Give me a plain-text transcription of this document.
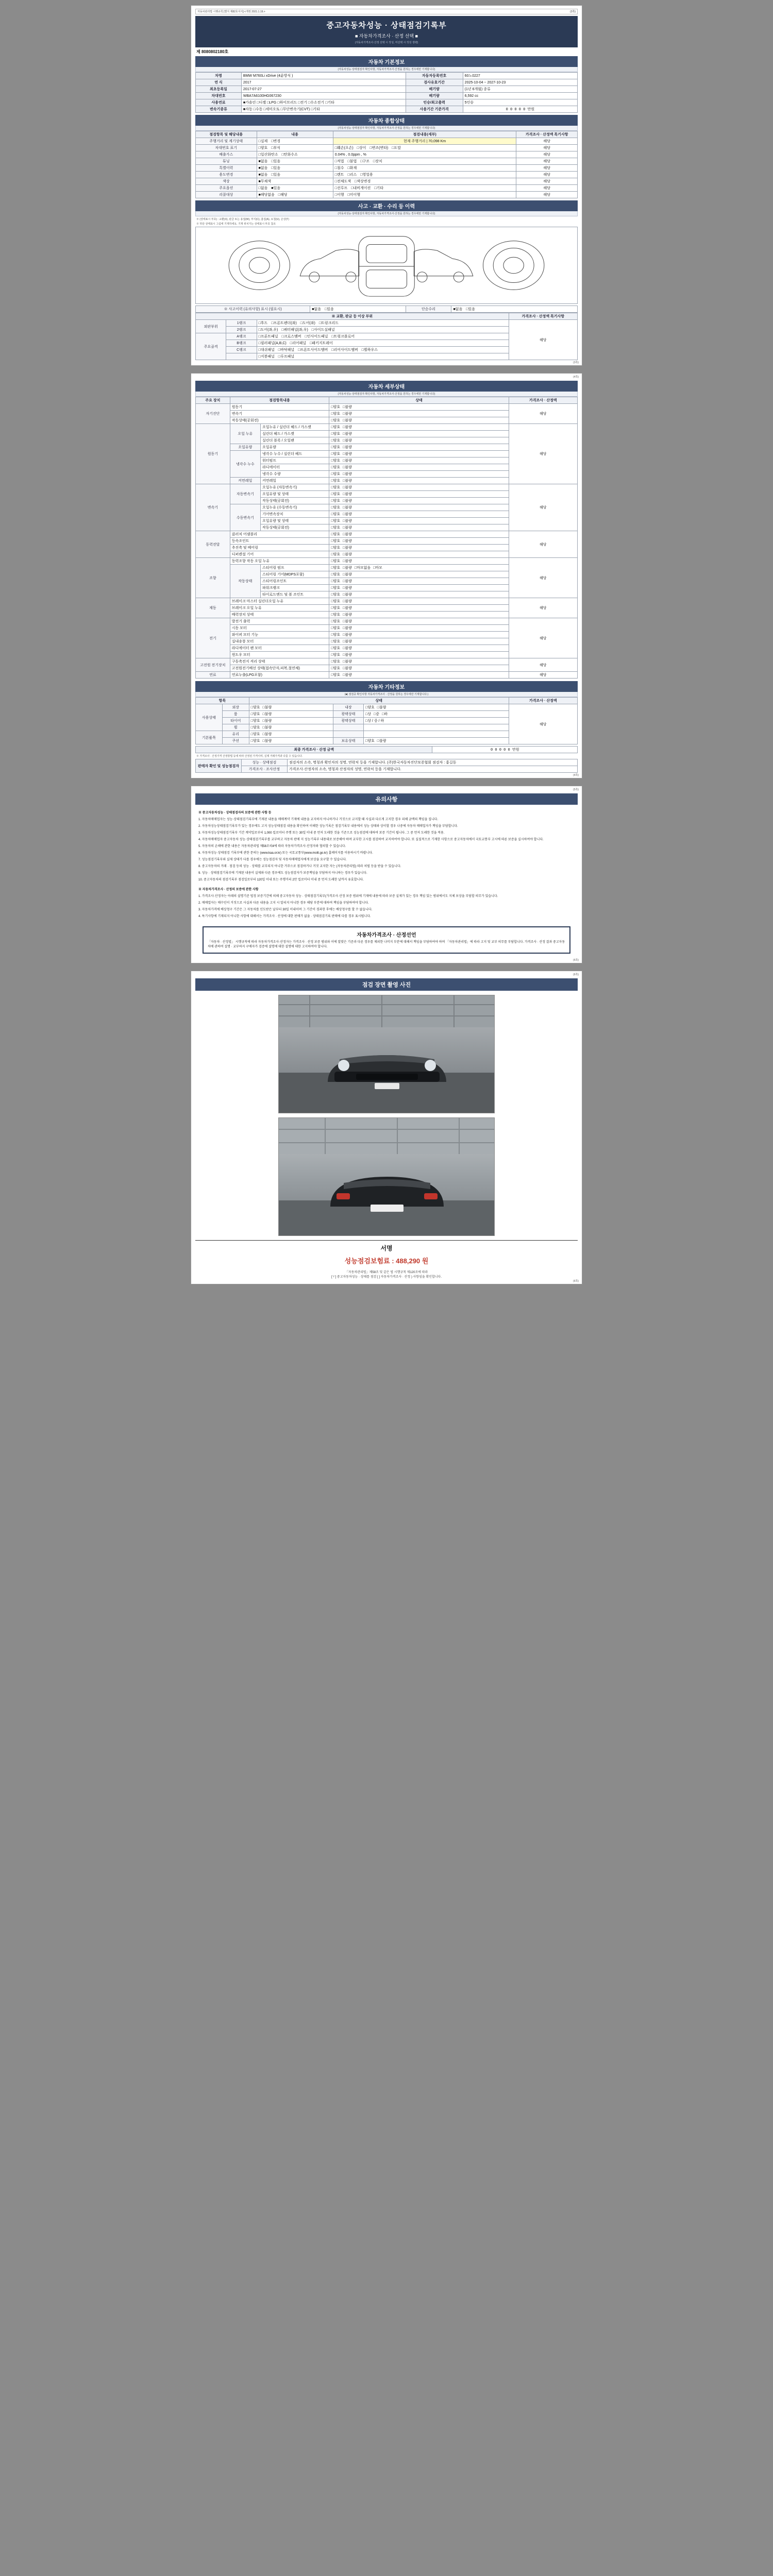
자동차관리법 시행규칙 [별지 제82호서식] <개정 2021.1.19.>	(3쪽)
중고자동차성능 · 상태점검기록부
■ 자동차가격조사 · 산정 선택 ■
(자동차가격조사·산정 선택 시 작성, 미선택 시 작성 생략)
제 8080802180호
자동차 기본정보
(자동차성능·상태점검자 확인사항, 자동차가격조사·산정을 원하는 경우에만 기재합니다)
차명	BMW M760Li xDrive (4륜방식 )	자동차등록번호	60노0227
연 식	2017	검사유효기간	2025-10-04 ~ 2027-10-23
최초등록일	2017-07-27	배기량	(1년 6개월) 종류
차대번호	WBA7A6100HG067230	배기량	6,592 cc
사용연료	■가솔린 □디젤 □LPG □하이브리드 □전기 □수소전기 □기타	인승/최고출력	5인승
변속기종류	■자동 □수동 □세미오토 □무단변속기(CVT) □기타	사용기간 기준가격	0 0 0 0 0 만원
자동차 종합상태
(자동차성능·상태점검자 확인사항, 자동차가격조사·산정을 원하는 경우에만 기재합니다)
점검항목 및 해당내용	내용	점검내용(세부)	가격조사 · 산정액 특기사항
주행거리 및 계기상태	□실제 □변경	현재 주행거리 | 70,098 Km	해당
차대번호 표기	□양호 □부식	□훼손(오손) □상이 □변조(변타) □도말	해당
배출가스	□일산화탄소 □탄화수소	0.04% , 0.0ppm , %	해당
튜닝	■없음 □있음	□적법 □불법 □구조 □장치	해당
특별이력	■없음 □있음	□침수 □화재	해당
용도변경	■없음 □있음	□렌트 □리스 □영업용	해당
색상	■무채색	□전체도색 □색상변경	해당
주요옵션	□없음 ■있음	□선루프 □내비게이션 □기타	해당
리콜대상	■해당없음 □해당	□이행 □미이행	해당
사고 · 교환 · 수리 등 이력
(자동차성능·상태점검자 확인사항, 자동차가격조사·산정을 원하는 경우에만 기재합니다)
※ (상태표시 부호) : 교환(X), 판금 또는 용접(W), 부식(C), 흠집(A), 요철(U), 손상(T)
※ 하단 상태표시 그림에 기재하세요. 기재 위치가는 상태표시 부호 참조
※ 사고이력 (유의사항) 표시 (필요시)	■없음 □있음	단순수리	■없음 □있음
※ 교환, 판금 등 이상 부위			가격조사 · 산정액 특기사항
외판부위	1랭크	□후드 □프론트펜더(좌) □도어(좌) □트렁크리드	해당
	2랭크	□도어(좌,우) □쿼터패널(좌,우) □사이드실패널	
주요골격	A랭크	□프론트패널 □크로스멤버 □인사이드패널 □트렁크플로어	
	B랭크	□필러패널(A,B,C) □리어패널 □패키지트레이	
	C랭크	□대쉬패널 □바닥패널 □프론트사이드멤버 □리어사이드멤버 □휠하우스	
		□지붕패널 □루프패널	
(3쪽)
(4쪽)
자동차 세부상태
(자동차성능·상태점검자 확인사항, 자동차가격조사·산정을 원하는 경우에만 기재합니다)
주요 장치	점검항목내용		상태	가격조사 · 산정액
자기진단	원동기		□양호 □불량	해당
	변속기		□양호 □불량	
	작동상태(공회전)		□양호 □불량	
원동기	오일 누유	오일누유 / 실린더 헤드 / 가스켓	□양호 □불량	해당
		실린더 헤드 / 가스켓	□양호 □불량	
		실린더 블록 / 오일팬	□양호 □불량	
	오일유량	오일유량	□양호 □불량	
	냉각수 누수	냉각수 누수 / 실린더 헤드	□양호 □불량	
		워터펌프	□양호 □불량	
		라디에이터	□양호 □불량	
		냉각수 수량	□양호 □불량	
	커먼레일	커먼레일	□양호 □불량	
변속기	자동변속기	오일누유 (자동변속기)	□양호 □불량	해당
		오일유량 및 상태	□양호 □불량	
		작동상태(공회전)	□양호 □불량	
	수동변속기	오일누유 (수동변속기)	□양호 □불량	
		기어변속장치	□양호 □불량	
		오일유량 및 상태	□양호 □불량	
		작동상태(공회전)	□양호 □불량	
동력전달	클러치 어셈블리		□양호 □불량	해당
	등속조인트		□양호 □불량	
	추진축 및 베어링		□양호 □불량	
	디퍼렌셜 기어		□양호 □불량	
조향	동력조향 작동 오일 누유		□양호 □불량	해당
	작동상태	스티어링 펌프	□양호 □불량 □마모없음 □마모	
		스티어링 기어(MDPS포함)	□양호 □불량	
		스티어링조인트	□양호 □불량	
		파워크랭크	□양호 □불량	
		타이로드엔드 및 볼 조인트	□양호 □불량	
제동	브레이크 마스터 실린더오일 누유		□양호 □불량	해당
	브레이크 오일 누유		□양호 □불량	
	배력장치 상태		□양호 □불량	
전기	발전기 출력		□양호 □불량	해당
	시동 모터		□양호 □불량	
	와이퍼 모터 기능		□양호 □불량	
	실내송풍 모터		□양호 □불량	
	라디에이터 팬 모터		□양호 □불량	
	윈도우 모터		□양호 □불량	
고전원 전기장치	구동축전지 격리 상태		□양호 □불량	해당
	고전원전기배선 상태(접속단자,피복,절연체)		□양호 □불량	
연료	연료누출(LPG포함)		□양호 □불량	해당
자동차 기타정보
(■) 점검중 확인사항 자동차가격조사 · 산정을 원하는 경우에만 기재합니다.)
항목		상태			가격조사 · 산정액
사용상태	외장	□양호 □불량	내장	□양호 □불량	해당
	룸	□양호 □불량	광택상태	□상 □중 □하	
	타이어	□양호 □불량	광택상태	□상 / 중 / 하	
	휠	□양호 □불량			
기본품목	유리	□양호 □불량			
	쿠션	□양호 □불량	보유상태	□양호 □불량	
최종 가격조사 · 산정 금액	0 0 0 0 0 만원
※ 가격조사 · 산정가격 산정방법 등에 따라 산정된 가격이며, 실제 거래가격과 다를 수 있습니다.
판매자 확인 및 성능점검자	성능 · 상태점검	점검자의 소속, 명칭과 확인자의 성명, 연락처 등을 기재합니다. (주)한국자동차진단보증협회 점검자 : 홍길동
	가격조사 · 조사산정	가격조사·산정자의 소속, 명칭과 산정자의 성명, 연락처 등을 기재합니다.
(4쪽)
(5쪽)
유의사항

※ 중고자동차성능 · 상태점검자의 보증에 관한 사항 등

1. 자동차매매업자는 성능·상태점검기록부에 기재된 내용을 매매계약 기재에 내용을 교지하지 아니하거나 거짓으로 교지할 때 사실과 다르게 고지한 경우 피해 금액의 책임을 집니다.

2. 자동차성능상태점검기록부가 있는 경우에도 고지 성능상태점검 내용을 확인하여 이해한 성능기록은 점검기록부 내용에서 성능 상태와 상이할 경우 나중에 자동차 매매업자가 책임을 부담합니다.

3. 자동차성능상태점검기록부 기간 계약일로부터 1,000 킬로미터 주행 또는 30일 이내 중 먼저 도래한 것을 기준으로 성능점검에 대하여 보증 기간이 됩니다. 그 중 먼저 도래한 것을 적용.

4. 자동차매매업자 중고자동차 성능·상태점검기록부를 교부하고 자동차 판매 지 성능기록부 내용대로 보증해야 하며 교부한 고시를 점검하여 교지하여야 합니다. 또 실질적으로 기재한 사항으로 중고자동차에서 국토교통부 고시에 따른 보증을 실시하여야 합니다.

5. 자동차의 손해에 관한 내용은 자동차관리법 제58조의4에 따라 자동차가격조사·산정자와 협의할 수 있습니다.

6. 자동차성능·상태점검 기록부에 관한 문의는 (www.kaa.or.kr) 또는 국토교통부(www.molit.go.kr) 홈페이지를 이용하시기 바랍니다.

7. 성능점검기록부와 실제 상태가 다를 경우에는 성능점검자 및 자동차매매업자에게 보상을 요구할 수 있습니다.

8. 중고자동차의 거래 · 점검 등의 성능 · 상태를 교부되지 아니한 거주으로 점검하거나 거짓 교지한 자는 (자동차관리법) 따라 처벌 등을 받을 수 있습니다.

9. 성능 · 상태점검기록부에 기재된 내용이 실제와 다른 경우에도 성능점검자가 보증책임을 부담하지 아니하는 경우가 있습니다.

10. 중고자동차의 점검기록부 점검일로부터 120일 이내 또는 주행거리 2만 킬로미터 이내 중 먼저 도래한 날까지 유효합니다.

※ 자동차가격조사 · 산정의 보증에 관한 사항

1. 가격조사·산정자는 아래의 설명기준 법정 보증기간에 의해 중고자동차 성능 · 상태점검기록부(가격조사·산정 보증 범위에 기재에 내용에 따라 보증 실제가 있는 경우 책임 있는 범위에서도 지체 보상을 부담할 의무가 있습니다.

2. 매매업자는 매수인이 거짓으로 사실과 다른 내용을 고지 시 알리지 아니한 경우 해당 부분에 대하여 책임을 부담하여야 합니다.

3. 자동차가격에 배상청구 기간은 그 자동차를 인도받은 날부터 30일 이내이며 그 기간이 경과한 후에는 배상청구를 할 수 없습니다.

4. 특기사항에 기재되지 아니한 사항에 대해서는 가격조사 · 산정에 대한 판매가 없을 · 상태점검기록 판매에 다를 경우 표시됩니다.

자동차가격조사 · 산정선언
「자동차 · 산정법」 시행규칙에 따라 자동차가격조사·산정자는 가격조사 · 산정 보증 범위와 이에 알맞은 기준과 다른 경우를 제외한 나머지 부분에 대해서 책임을 부담하여야 하며 「자동차관리법」에 따라 고지 및 교부 의무를 부담합니다. 가격조사 · 산정 결과 중고자동차에 관하여 설명 · 교부하지 구매자가 검증에 설명에 대한 설명에 대한 고지하여야 합니다.
(5쪽)
(6쪽)
점검 장면 촬영 사진
서명
성능점검보험료 : 488,290 원
「자동차관리법」제58조 및 같은 법 시행규칙 제120조에 따라
[ㅜ] 중고자동차성능 · 상태를 점검 [ ] 자동차가격조사 · 산정 ) 사항임을 확인합니다.
(6쪽)
